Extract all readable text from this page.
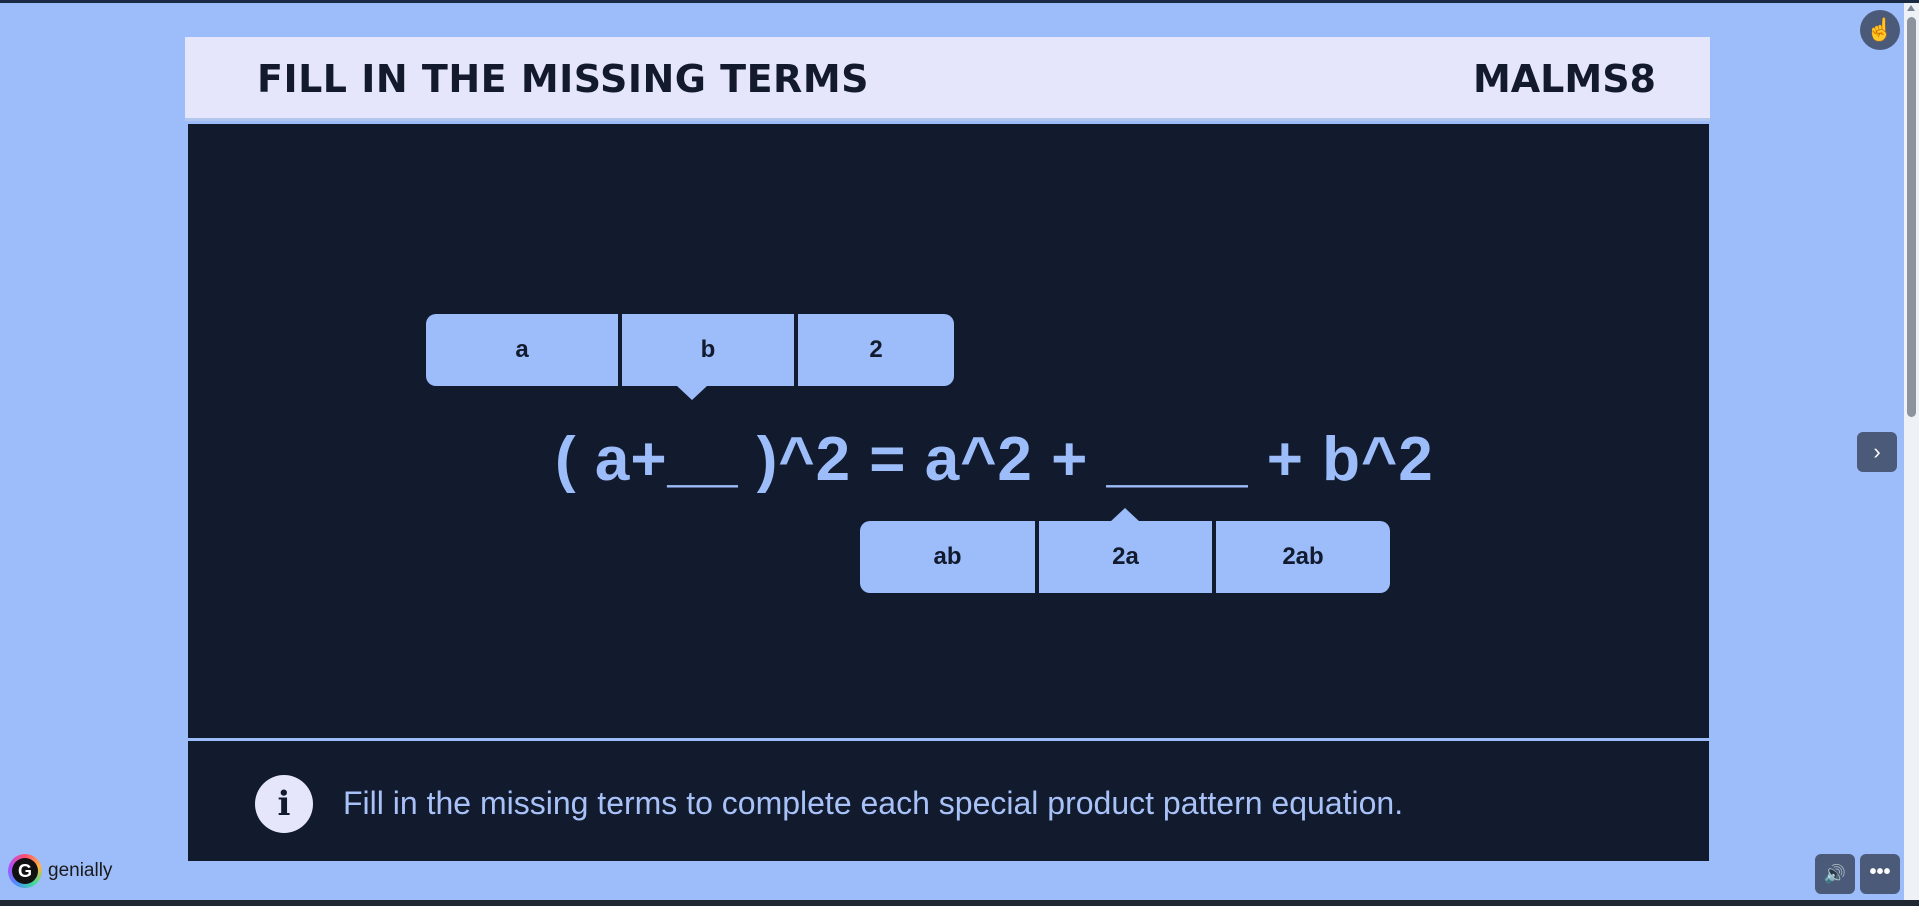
FILL IN THE MISSING TERMS	MALMS8
a	b	2
( a+__ )^2 = a^2 + ____ + b^2
ab	2a	2ab
i	Fill in the missing terms to complete each special product pattern equation.
☝
›
🔊	•••
G genially
